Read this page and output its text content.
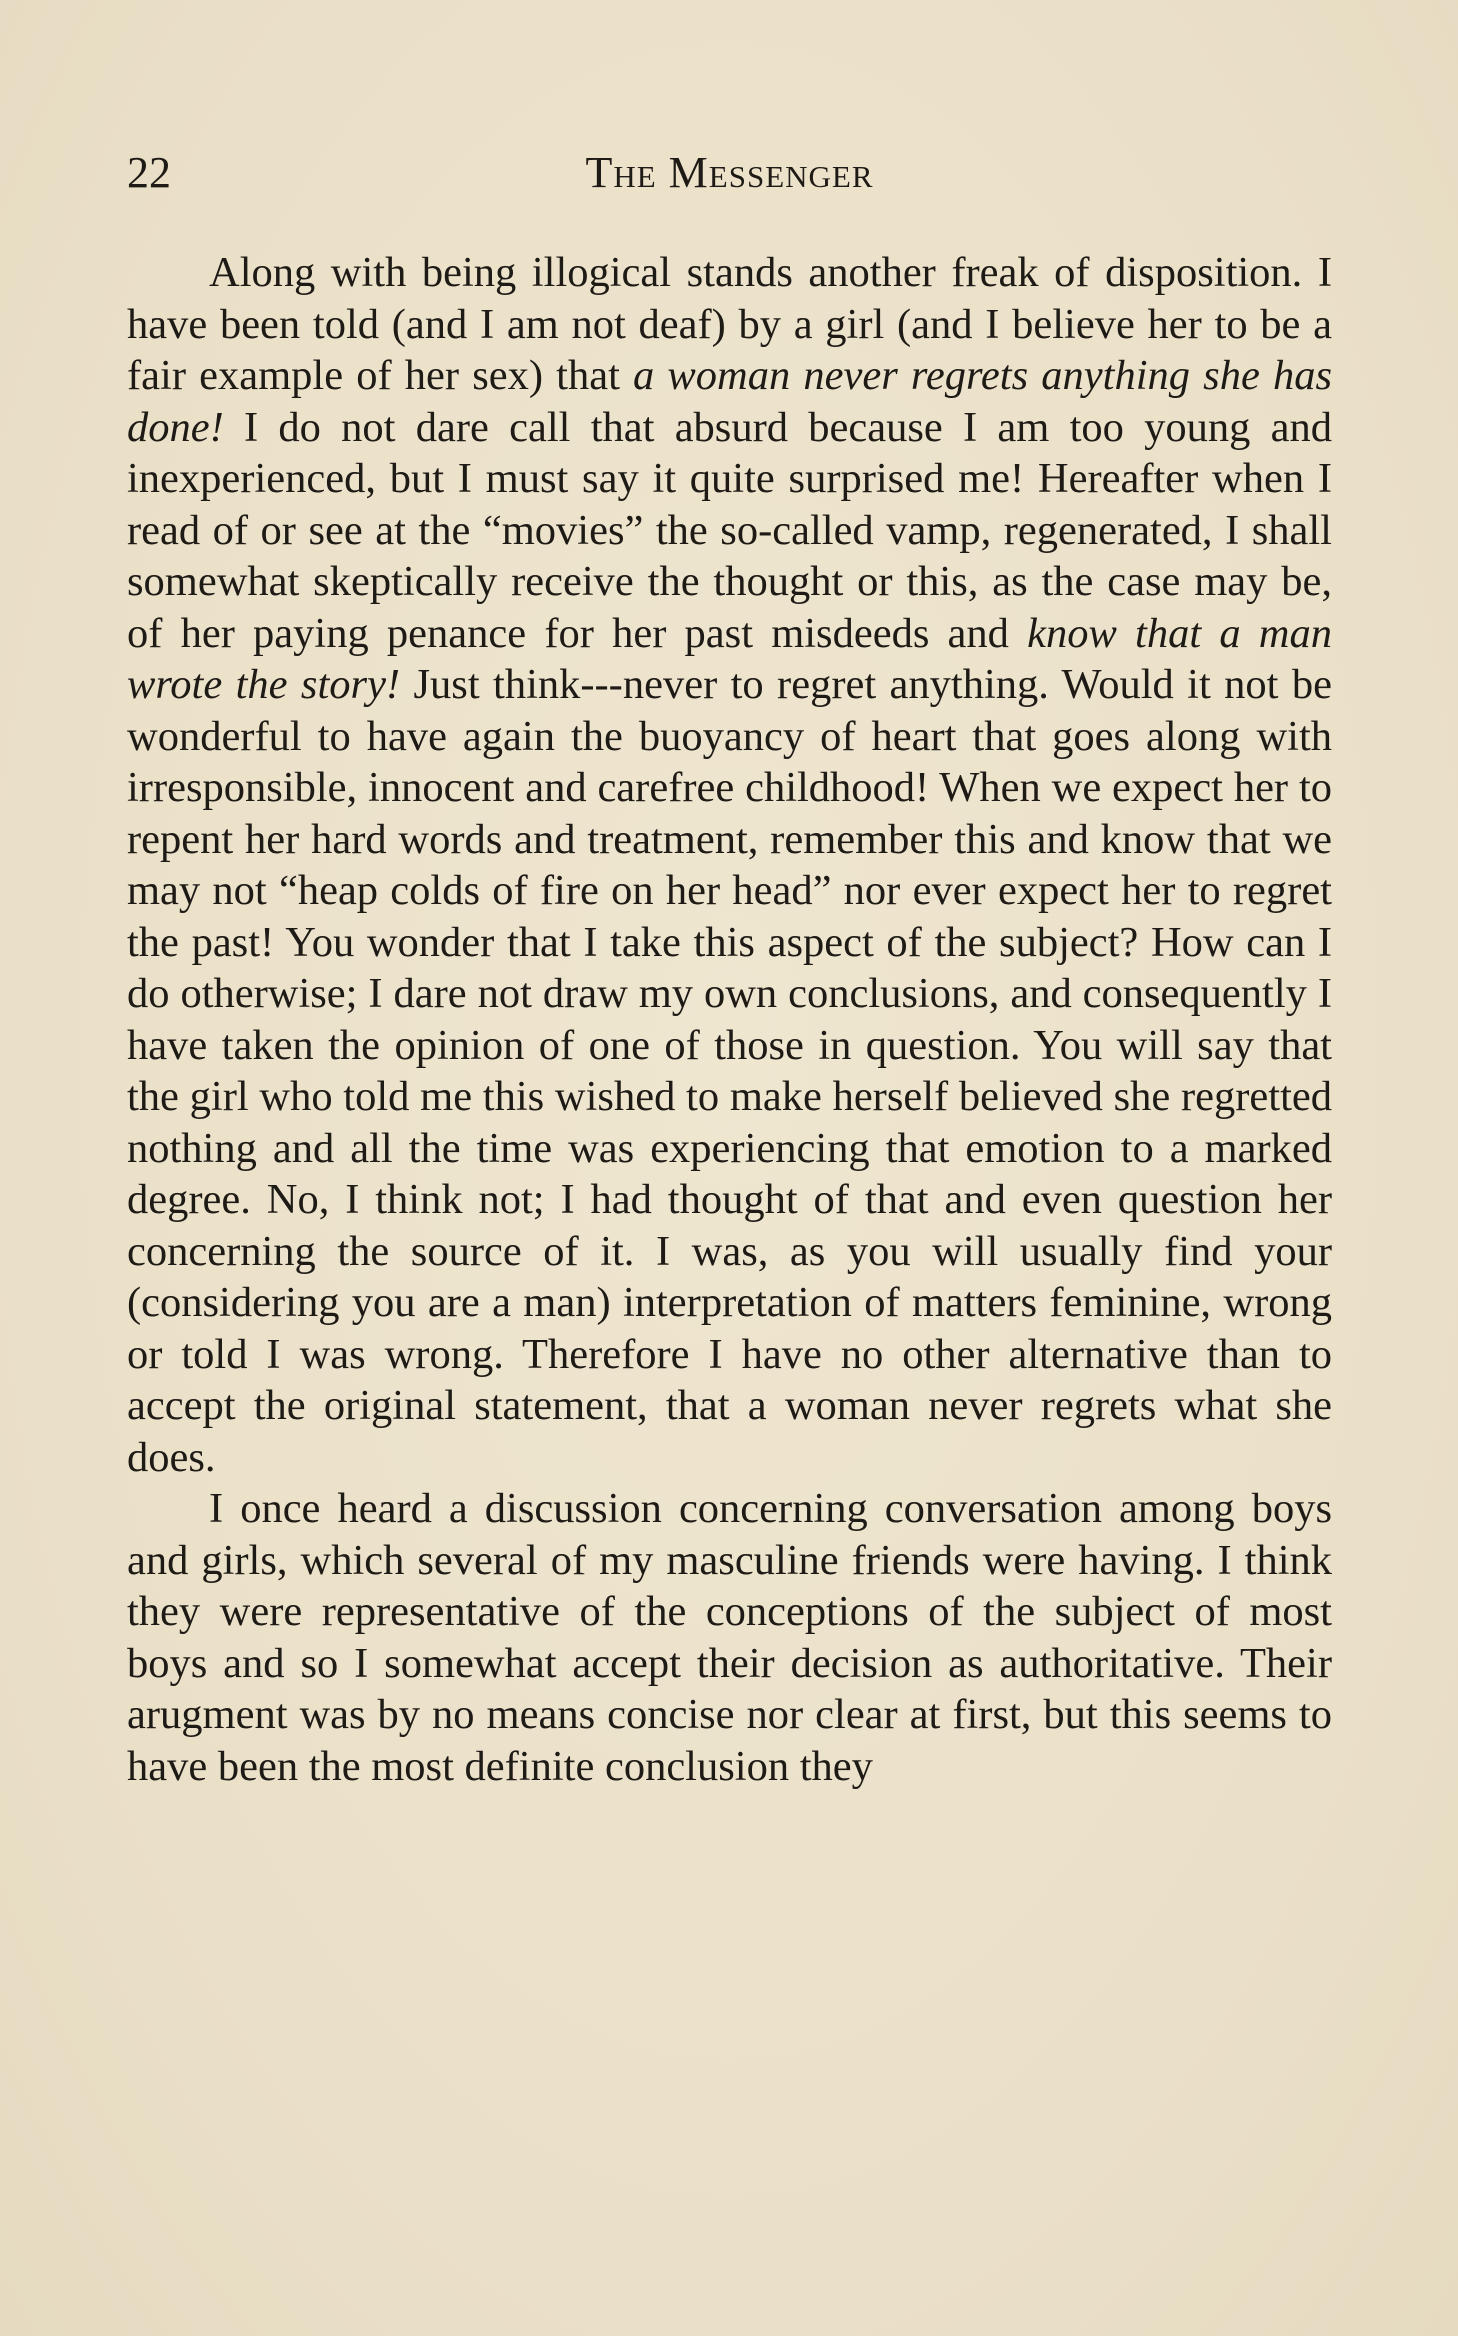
22	The Messenger

Along with being illogical stands another freak of disposition. I have been told (and I am not deaf) by a girl (and I believe her to be a fair example of her sex) that a woman never regrets anything she has done! I do not dare call that absurd because I am too young and inexperienced, but I must say it quite surprised me! Hereafter when I read of or see at the “movies” the so-called vamp, regenerated, I shall somewhat skeptically receive the thought or this, as the case may be, of her paying penance for her past misdeeds and know that a man wrote the story! Just think---never to regret anything. Would it not be wonderful to have again the buoyancy of heart that goes along with irresponsible, innocent and carefree childhood! When we expect her to repent her hard words and treatment, remember this and know that we may not “heap colds of fire on her head” nor ever expect her to regret the past! You wonder that I take this aspect of the subject? How can I do otherwise; I dare not draw my own conclusions, and consequently I have taken the opinion of one of those in question. You will say that the girl who told me this wished to make herself believed she regretted nothing and all the time was experiencing that emotion to a marked degree. No, I think not; I had thought of that and even question her concerning the source of it. I was, as you will usually find your (considering you are a man) interpretation of matters feminine, wrong or told I was wrong. Therefore I have no other alternative than to accept the original statement, that a woman never regrets what she does.

I once heard a discussion concerning conversation among boys and girls, which several of my masculine friends were having. I think they were representative of the conceptions of the subject of most boys and so I somewhat accept their decision as authoritative. Their arugment was by no means concise nor clear at first, but this seems to have been the most definite conclusion they
